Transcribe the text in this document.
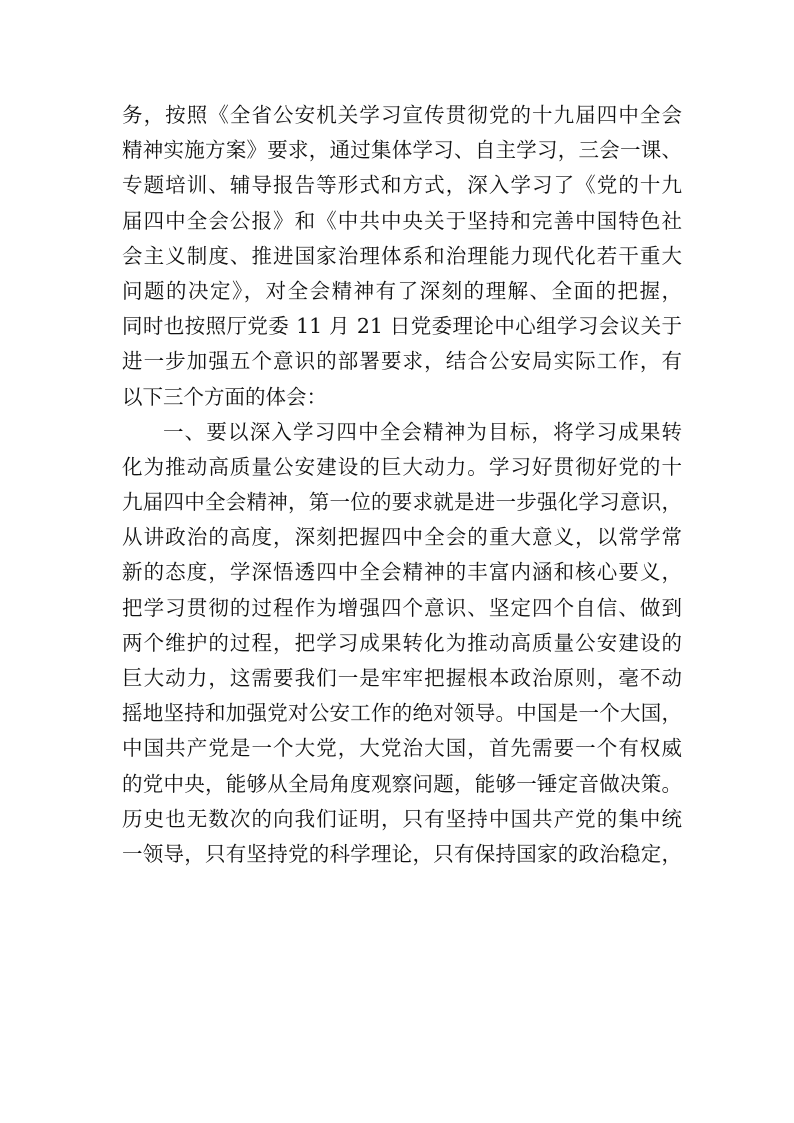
务，按照《全省公安机关学习宣传贯彻党的十九届四中全会
精神实施方案》要求，通过集体学习、自主学习，三会一课、
专题培训、辅导报告等形式和方式，深入学习了《党的十九
届四中全会公报》和《中共中央关于坚持和完善中国特色社
会主义制度、推进国家治理体系和治理能力现代化若干重大
问题的决定》，对全会精神有了深刻的理解、全面的把握，
同时也按照厅党委 11 月 21 日党委理论中心组学习会议关于
进一步加强五个意识的部署要求，结合公安局实际工作，有
以下三个方面的体会：
一、要以深入学习四中全会精神为目标，将学习成果转
化为推动高质量公安建设的巨大动力。学习好贯彻好党的十
九届四中全会精神，第一位的要求就是进一步强化学习意识，
从讲政治的高度，深刻把握四中全会的重大意义，以常学常
新的态度，学深悟透四中全会精神的丰富内涵和核心要义，
把学习贯彻的过程作为增强四个意识、坚定四个自信、做到
两个维护的过程，把学习成果转化为推动高质量公安建设的
巨大动力，这需要我们一是牢牢把握根本政治原则，毫不动
摇地坚持和加强党对公安工作的绝对领导。中国是一个大国，
中国共产党是一个大党，大党治大国，首先需要一个有权威
的党中央，能够从全局角度观察问题，能够一锤定音做决策。
历史也无数次的向我们证明，只有坚持中国共产党的集中统
一领导，只有坚持党的科学理论，只有保持国家的政治稳定，
